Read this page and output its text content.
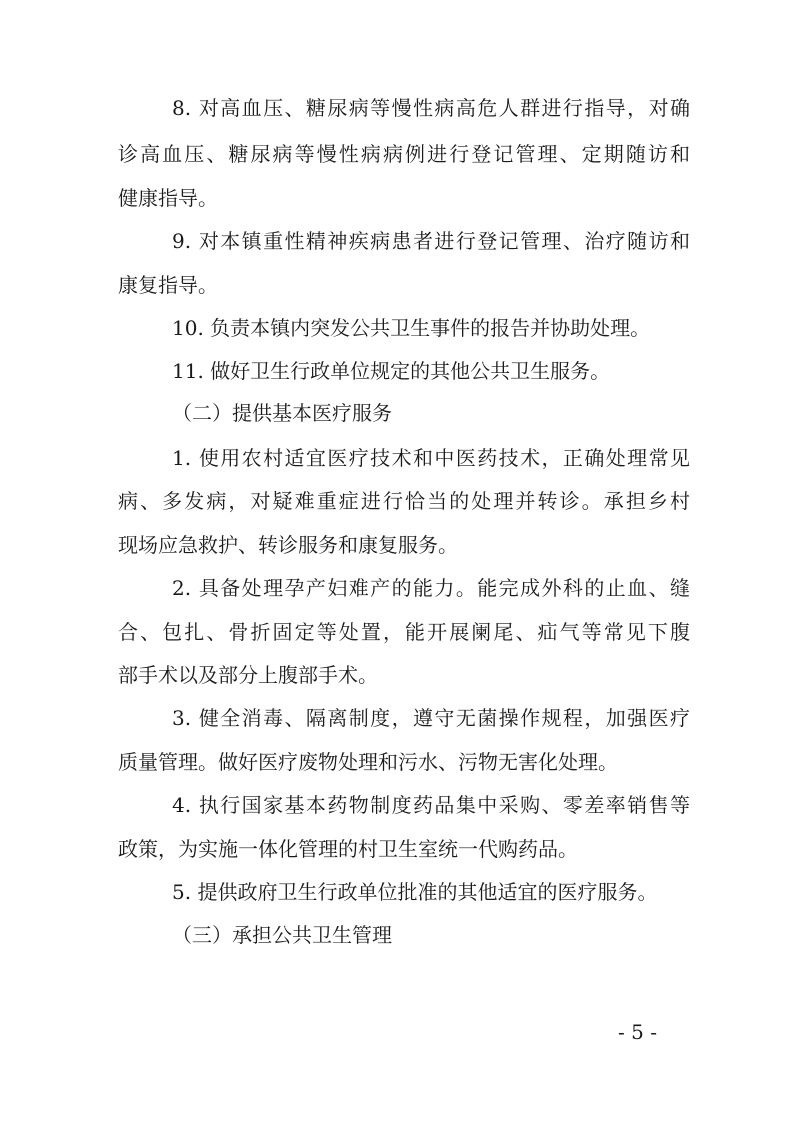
8. 对高血压、糖尿病等慢性病高危人群进行指导，对确
诊高血压、糖尿病等慢性病病例进行登记管理、定期随访和
健康指导。
9. 对本镇重性精神疾病患者进行登记管理、治疗随访和
康复指导。
10. 负责本镇内突发公共卫生事件的报告并协助处理。
11. 做好卫生行政单位规定的其他公共卫生服务。
（二）提供基本医疗服务
1. 使用农村适宜医疗技术和中医药技术，正确处理常见
病、多发病，对疑难重症进行恰当的处理并转诊。承担乡村
现场应急救护、转诊服务和康复服务。
2. 具备处理孕产妇难产的能力。能完成外科的止血、缝
合、包扎、骨折固定等处置，能开展阑尾、疝气等常见下腹
部手术以及部分上腹部手术。
3. 健全消毒、隔离制度，遵守无菌操作规程，加强医疗
质量管理。做好医疗废物处理和污水、污物无害化处理。
4. 执行国家基本药物制度药品集中采购、零差率销售等
政策，为实施一体化管理的村卫生室统一代购药品。
5. 提供政府卫生行政单位批准的其他适宜的医疗服务。
（三）承担公共卫生管理
- 5 -
